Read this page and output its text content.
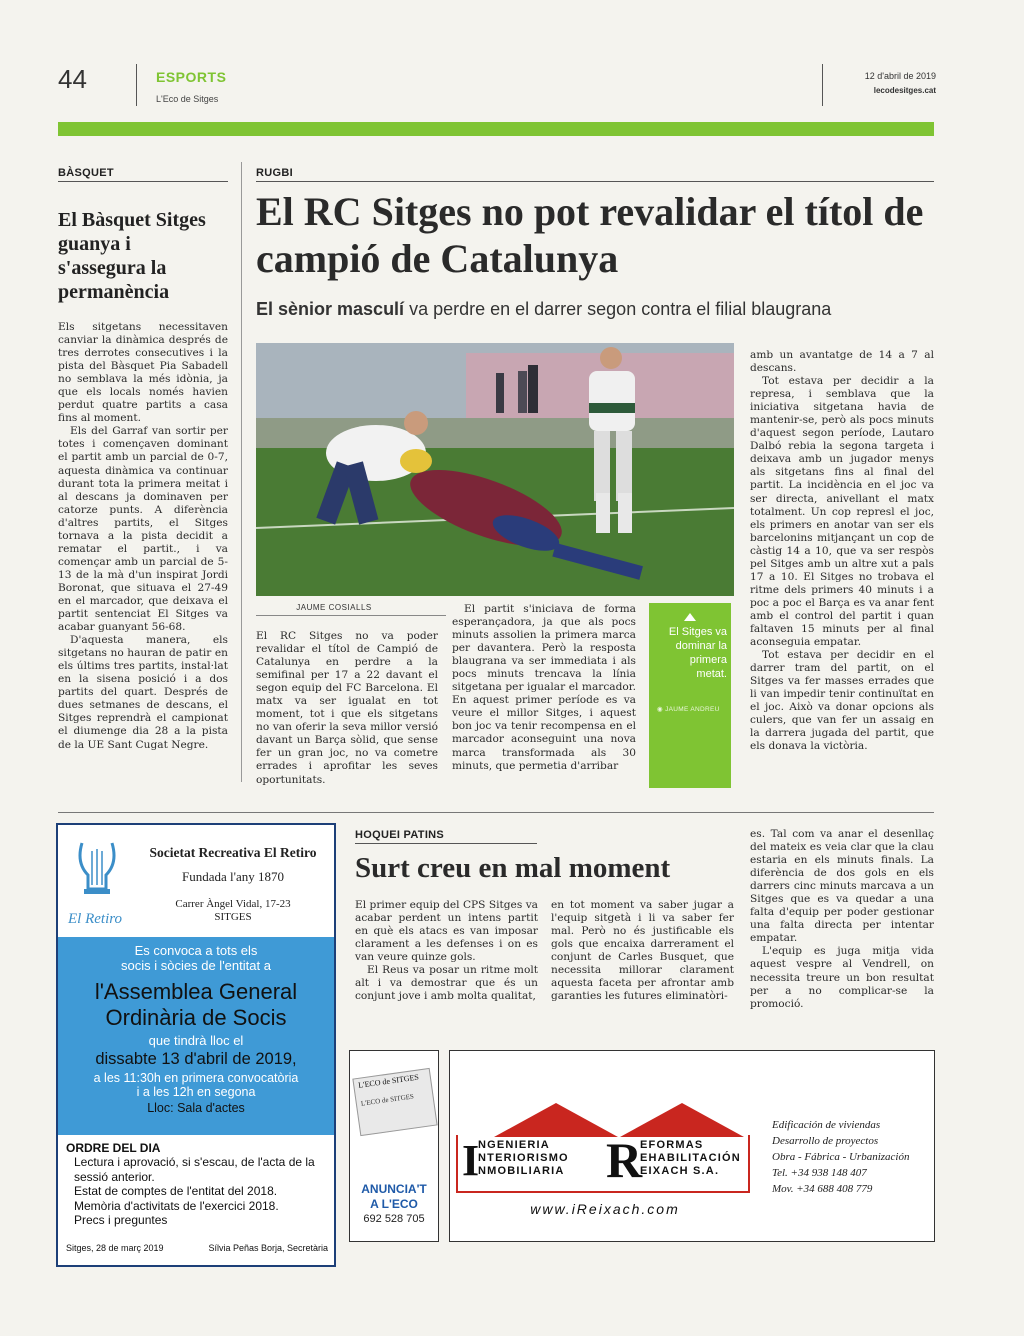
44	ESPORTS
L'Eco de Sitges
12 d'abril de 2019
lecodesitges.cat
BÀSQUET
El Bàsquet Sitges guanya i s'assegura la permanència

Els sitgetans necessitaven canviar la dinàmica després de tres derrotes consecutives i la pista del Bàsquet Pia Sabadell no semblava la més idònia, ja que els locals només havien perdut quatre partits a casa fins al moment.

Els del Garraf van sortir per totes i començaven dominant el partit amb un parcial de 0-7, aquesta dinàmica va continuar durant tota la primera meitat i al descans ja dominaven per catorze punts. A diferència d'altres partits, el Sitges tornava a la pista decidit a rematar el partit., i va començar amb un parcial de 5-13 de la mà d'un inspirat Jordi Boronat, que situava el 27-49 en el marcador, que deixava el partit sentenciat El Sitges va acabar guanyant 56-68.

D'aquesta manera, els sitgetans no hauran de patir en els últims tres partits, instal·lat en la sisena posició i a dos partits del quart. Després de dues setmanes de descans, el Sitges reprendrà el campionat el diumenge dia 28 a la pista de la UE Sant Cugat Negre.

RUGBI
El RC Sitges no pot revalidar el títol de campió de Catalunya
El sènior masculí va perdre en el darrer segon contra el filial blaugrana
JAUME COSIALLS

El RC Sitges no va poder revalidar el títol de Campió de Catalunya en perdre a la semifinal per 17 a 22 davant el segon equip del FC Barcelona. El matx va ser igualat en tot moment, tot i que els sitgetans no van oferir la seva millor versió davant un Barça sòlid, que sense fer un gran joc, no va cometre errades i aprofitar les seves oportunitats.

El partit s'iniciava de forma esperançadora, ja que als pocs minuts assolien la primera marca per davantera. Però la resposta blaugrana va ser immediata i als pocs minuts trencava la línia sitgetana per igualar el marcador. En aquest primer període es va veure el millor Sitges, i aquest bon joc va tenir recompensa en el marcador aconseguint una nova marca transformada als 30 minuts, que permetia d'arribar

El Sitges va dominar la primera metat.
◉ JAUME ANDREU

amb un avantatge de 14 a 7 al descans.

Tot estava per decidir a la represa, i semblava que la iniciativa sitgetana havia de mantenir-se, però als pocs minuts d'aquest segon període, Lautaro Dalbó rebia la segona targeta i deixava amb un jugador menys als sitgetans fins al final del partit. La incidència en el joc va ser directa, anivellant el matx totalment. Un cop represl el joc, els primers en anotar van ser els barcelonins mitjançant un cop de càstig 14 a 10, que va ser respòs pel Sitges amb un altre xut a pals 17 a 10. El Sitges no trobava el ritme dels primers 40 minuts i a poc a poc el Barça es va anar fent amb el control del partit i quan faltaven 15 minuts per al final aconseguia empatar.

Tot estava per decidir en el darrer tram del partit, on el Sitges va fer masses errades que li van impedir tenir continuïtat en el joc. Això va donar opcions als culers, que van fer un assaig en la darrera jugada del partit, que els donava la victòria.

El Retiro
Societat Recreativa El Retiro
Fundada l'any 1870
Carrer Àngel Vidal, 17-23
SITGES
Es convoca a tots els
socis i sòcies de l'entitat a
l'Assemblea General
Ordinària de Socis
que tindrà lloc el
dissabte 13 d'abril de 2019,
a les 11:30h en primera convocatòria
i a les 12h en segona
Lloc: Sala d'actes
ORDRE DEL DIA
Lectura i aprovació, si s'escau, de l'acta de la sessió anterior.
Estat de comptes de l'entitat del 2018.
Memòria d'activitats de l'exercici 2018.
Precs i preguntes
Sitges, 28 de març 2019	Sílvia Peñas Borja, Secretària
HOQUEI PATINS
Surt creu en mal moment

El primer equip del CPS Sitges va acabar perdent un intens partit en què els atacs es van imposar clarament a les defenses i on es van veure quinze gols.

El Reus va posar un ritme molt alt i va demostrar que és un conjunt jove i amb molta qualitat,

en tot moment va saber jugar a l'equip sitgetà i li va saber fer mal. Però no és justificable els gols que encaixa darrerament el conjunt de Carles Busquet, que necessita millorar clarament aquesta faceta per afrontar amb garanties les futures eliminatòri-

es. Tal com va anar el desenllaç del mateix es veia clar que la clau estaria en els minuts finals. La diferència de dos gols en els darrers cinc minuts marcava a un Sitges que es va quedar a una falta d'equip per poder gestionar una falta directa per intentar empatar.

L'equip es juga mitja vida aquest vespre al Vendrell, on necessita treure un bon resultat per a no complicar-se la promoció.

L'ECO de SITGES
L'ECO de SITGES
ANUNCIA'T
A L'ECO
692 528 705
I
NGENIERIA
NTERIORISMO
NMOBILIARIA R
EFORMAS
EHABILITACIÓN
EIXACH S.A.
www.iReixach.com
Edificación de viviendas
Desarrollo de proyectos
Obra - Fábrica - Urbanización
Tel. +34 938 148 407
Mov. +34 688 408 779
